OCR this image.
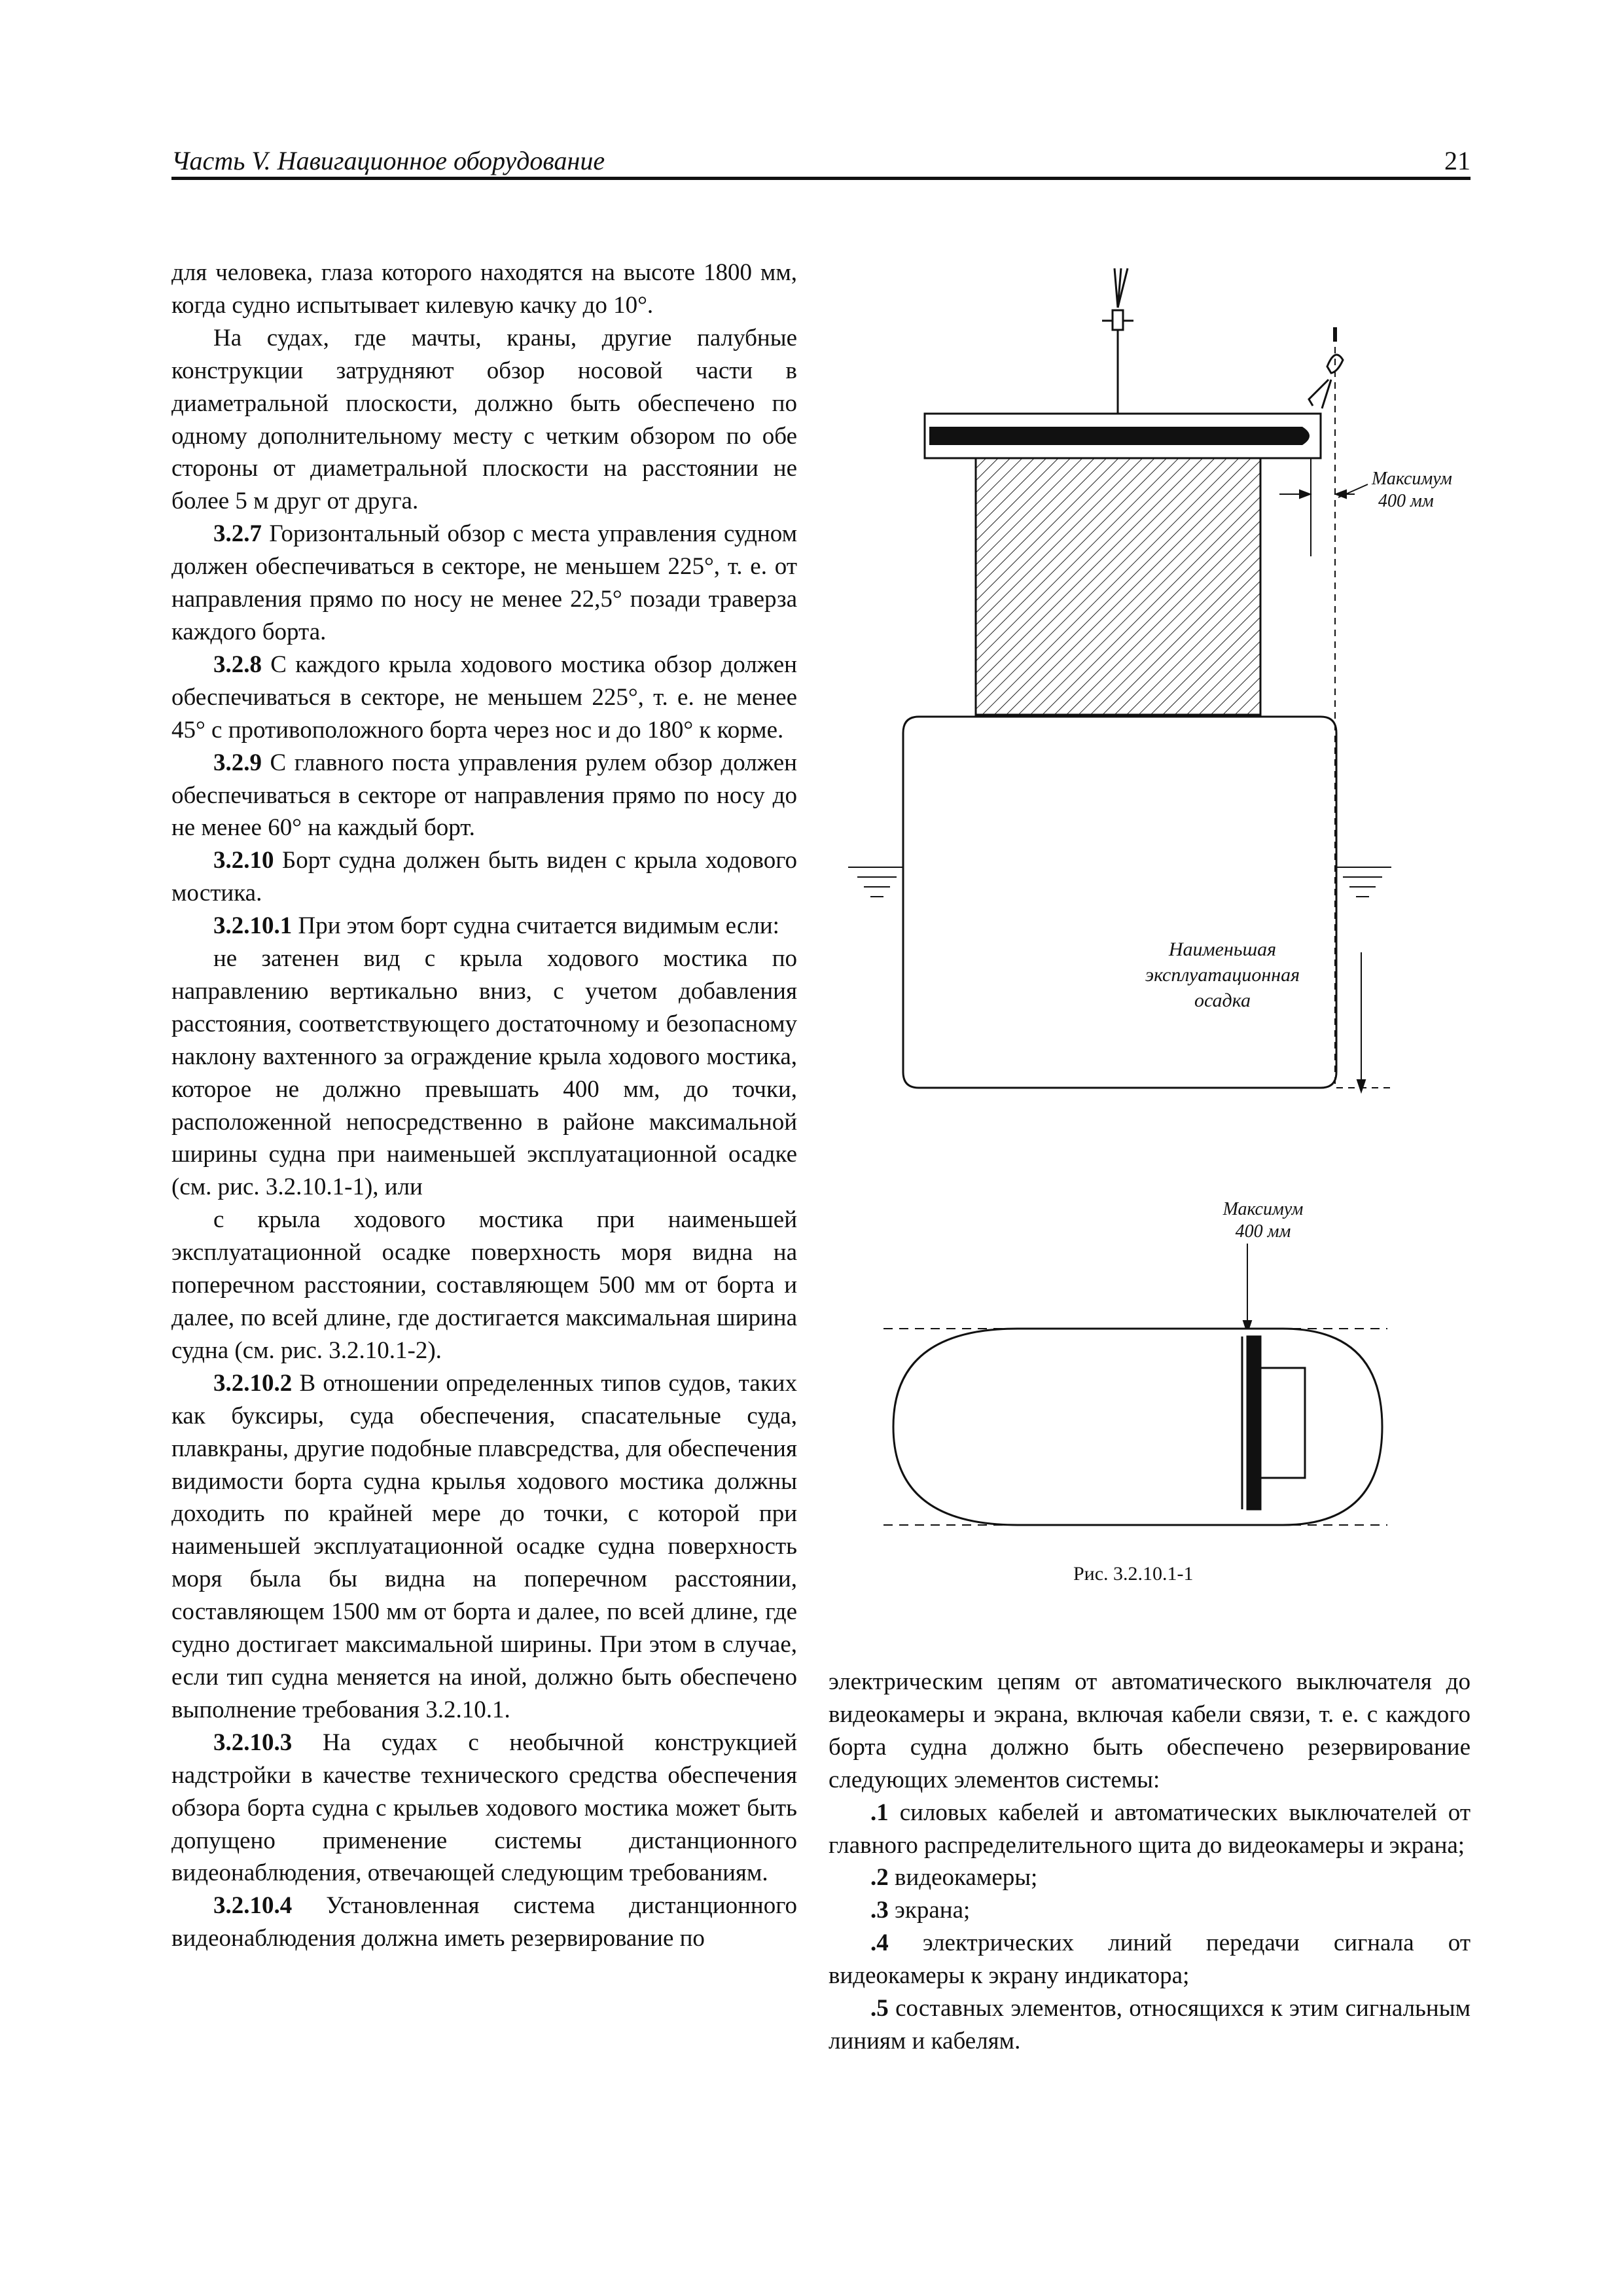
Часть V. Навигационное оборудование	21

для человека, глаза которого находятся на высоте 1800 мм, когда судно испытывает килевую качку до 10°.

На судах, где мачты, краны, другие палубные конструкции затрудняют обзор носовой части в диаметральной плоскости, должно быть обеспечено по одному дополнительному месту с четким обзором по обе стороны от диаметральной плоскости на расстоянии не более 5 м друг от друга.

3.2.7 Горизонтальный обзор с места управления судном должен обеспечиваться в секторе, не меньшем 225°, т. е. от направления прямо по носу не менее 22,5° позади траверза каждого борта.

3.2.8 С каждого крыла ходового мостика обзор должен обеспечиваться в секторе, не меньшем 225°, т. е. не менее 45° с противоположного борта через нос и до 180° к корме.

3.2.9 С главного поста управления рулем обзор должен обеспечиваться в секторе от направления прямо по носу до не менее 60° на каждый борт.

3.2.10 Борт судна должен быть виден с крыла ходового мостика.

3.2.10.1 При этом борт судна считается видимым если:

не затенен вид с крыла ходового мостика по направлению вертикально вниз, с учетом добавления расстояния, соответствующего достаточному и безопасному наклону вахтенного за ограждение крыла ходового мостика, которое не должно превышать 400 мм, до точки, расположенной непосредственно в районе максимальной ширины судна при наименьшей эксплуатационной осадке (см. рис. 3.2.10.1-1), или

с крыла ходового мостика при наименьшей эксплуатационной осадке поверхность моря видна на поперечном расстоянии, составляющем 500 мм от борта и далее, по всей длине, где достигается максимальная ширина судна (см. рис. 3.2.10.1-2).

3.2.10.2 В отношении определенных типов судов, таких как буксиры, суда обеспечения, спасательные суда, плавкраны, другие подобные плавсредства, для обеспечения видимости борта судна крылья ходового мостика должны доходить по крайней мере до точки, с которой при наименьшей эксплуатационной осадке судна поверхность моря была бы видна на поперечном расстоянии, составляющем 1500 мм от борта и далее, по всей длине, где судно достигает максимальной ширины. При этом в случае, если тип судна меняется на иной, должно быть обеспечено выполнение требования 3.2.10.1.

3.2.10.3 На судах с необычной конструкцией надстройки в качестве технического средства обеспечения обзора борта судна с крыльев ходового мостика может быть допущено применение системы дистанционного видеонаблюдения, отвечающей следующим требованиям.

3.2.10.4 Установленная система дистанционного видеонаблюдения должна иметь резервирование по

электрическим цепям от автоматического выключателя до видеокамеры и экрана, включая кабели связи, т. е. с каждого борта судна должно быть обеспечено резервирование следующих элементов системы:

.1 силовых кабелей и автоматических выключателей от главного распределительного щита до видеокамеры и экрана;

.2 видеокамеры;

.3 экрана;

.4 электрических линий передачи сигнала от видеокамеры к экрану индикатора;

.5 составных элементов, относящихся к этим сигнальным линиям и кабелям.

Максимум
400 мм
Наименьшая
эксплуатационная
осадка
Максимум
400 мм
Рис. 3.2.10.1-1
